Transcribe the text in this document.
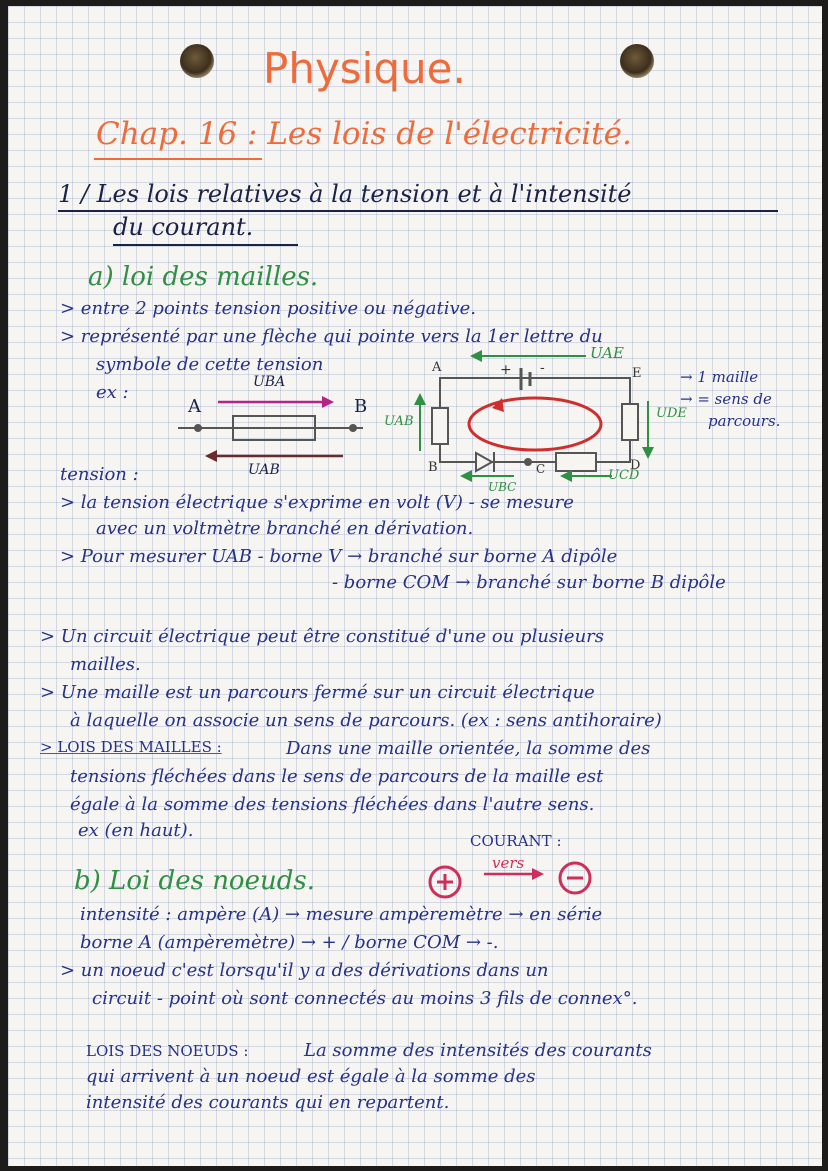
Physique.
Chap. 16 : Les lois de l'électricité.
1 / Les lois relatives à la tension et à l'intensité
du courant.
a) loi des mailles.
> entre 2 points tension positive ou négative.
> représenté par une flèche qui pointe vers la 1er lettre du
symbole de cette tension
ex :
A	B
UBA
UAB
UAE
UAB
UDE
UBC
UCD
A	E
B	C	D
+ -	→ 1 maille
→ = sens de
parcours.
tension :
> la tension électrique s'exprime en volt (V) - se mesure
avec un voltmètre branché en dérivation.
> Pour mesurer UAB - borne V → branché sur borne A dipôle
- borne COM → branché sur borne B dipôle
> Un circuit électrique peut être constitué d'une ou plusieurs
mailles.
> Une maille est un parcours fermé sur un circuit électrique
à laquelle on associe un sens de parcours. (ex : sens antihoraire)
> LOIS DES MAILLES :	Dans une maille orientée, la somme des
tensions fléchées dans le sens de parcours de la maille est
égale à la somme des tensions fléchées dans l'autre sens.
ex (en haut).	COURANT :
vers
b) Loi des noeuds.
intensité : ampère (A) → mesure ampèremètre → en série
borne A (ampèremètre) → + / borne COM → -.
> un noeud c'est lorsqu'il y a des dérivations dans un
circuit - point où sont connectés au moins 3 fils de connex°.
LOIS DES NOEUDS :	La somme des intensités des courants
qui arrivent à un noeud est égale à la somme des
intensité des courants qui en repartent.
